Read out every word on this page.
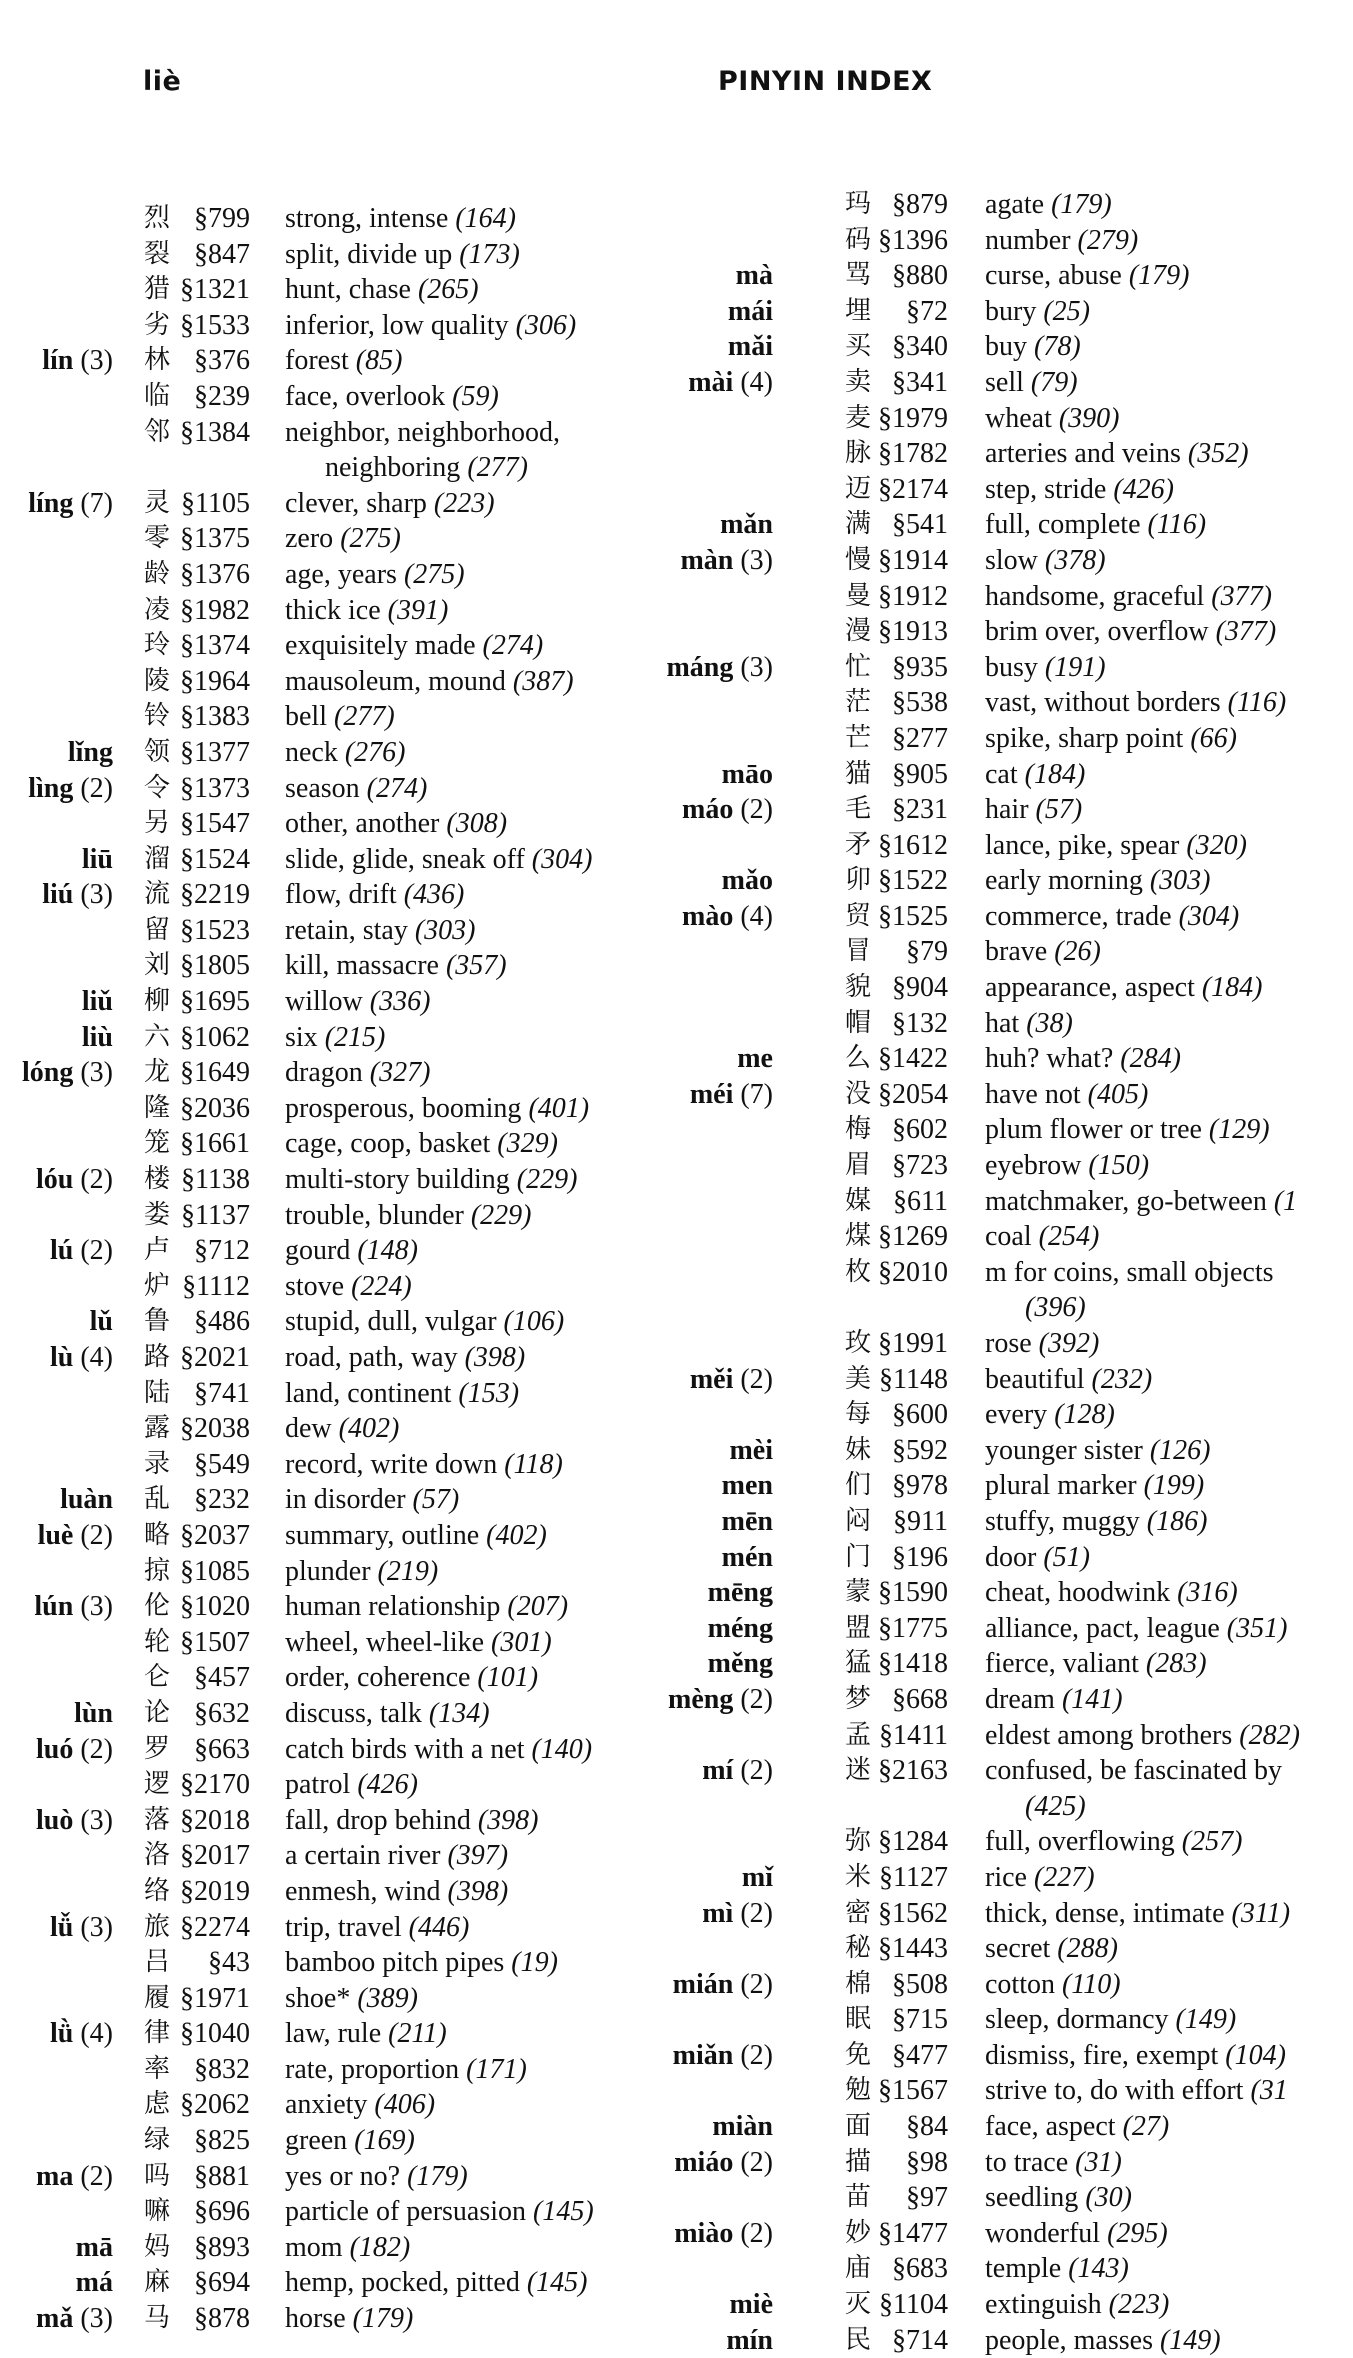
liè	PINYIN INDEX
烈 §799 strong, intense (164)
裂 §847 split, divide up (173)
猎 §1321 hunt, chase (265)
劣 §1533 inferior, low quality (306)
lín (3) 林 §376 forest (85)
临 §239 face, overlook (59)
邻 §1384 neighbor, neighborhood,
neighboring (277)
líng (7) 灵 §1105 clever, sharp (223)
零 §1375 zero (275)
龄 §1376 age, years (275)
凌 §1982 thick ice (391)
玲 §1374 exquisitely made (274)
陵 §1964 mausoleum, mound (387)
铃 §1383 bell (277)
lǐng 领 §1377 neck (276)
lìng (2) 令 §1373 season (274)
另 §1547 other, another (308)
liū 溜 §1524 slide, glide, sneak off (304)
liú (3) 流 §2219 flow, drift (436)
留 §1523 retain, stay (303)
刘 §1805 kill, massacre (357)
liǔ 柳 §1695 willow (336)
liù 六 §1062 six (215)
lóng (3) 龙 §1649 dragon (327)
隆 §2036 prosperous, booming (401)
笼 §1661 cage, coop, basket (329)
lóu (2) 楼 §1138 multi-story building (229)
娄 §1137 trouble, blunder (229)
lú (2) 卢 §712 gourd (148)
炉 §1112 stove (224)
lǔ 鲁 §486 stupid, dull, vulgar (106)
lù (4) 路 §2021 road, path, way (398)
陆 §741 land, continent (153)
露 §2038 dew (402)
录 §549 record, write down (118)
luàn 乱 §232 in disorder (57)
luè (2) 略 §2037 summary, outline (402)
掠 §1085 plunder (219)
lún (3) 伦 §1020 human relationship (207)
轮 §1507 wheel, wheel-like (301)
仑 §457 order, coherence (101)
lùn 论 §632 discuss, talk (134)
luó (2) 罗 §663 catch birds with a net (140)
逻 §2170 patrol (426)
luò (3) 落 §2018 fall, drop behind (398)
洛 §2017 a certain river (397)
络 §2019 enmesh, wind (398)
lǚ (3) 旅 §2274 trip, travel (446)
吕	§43 bamboo pitch pipes (19)
履 §1971 shoe* (389)
lǜ (4) 律 §1040 law, rule (211)
率 §832 rate, proportion (171)
虑 §2062 anxiety (406)
绿 §825 green (169)
ma (2) 吗 §881 yes or no? (179)
嘛 §696 particle of persuasion (145)
mā 妈 §893 mom (182)
má 麻 §694 hemp, pocked, pitted (145)
mǎ (3) 马 §878 horse (179)
玛 §879 agate (179)
码 §1396 number (279)
mà	骂 §880 curse, abuse (179)
mái	埋	§72 bury (25)
mǎi	买 §340 buy (78)
mài (4)	卖 §341 sell (79)
麦 §1979 wheat (390)
脉 §1782 arteries and veins (352)
迈 §2174 step, stride (426)
mǎn	满 §541 full, complete (116)
màn (3)	慢 §1914 slow (378)
曼 §1912 handsome, graceful (377)
漫 §1913 brim over, overflow (377)
máng (3)	忙 §935 busy (191)
茫 §538 vast, without borders (116)
芒 §277 spike, sharp point (66)
māo	猫 §905 cat (184)
máo (2)	毛 §231 hair (57)
矛 §1612 lance, pike, spear (320)
mǎo	卯 §1522 early morning (303)
mào (4)	贸 §1525 commerce, trade (304)
冒	§79 brave (26)
貌 §904 appearance, aspect (184)
帽 §132 hat (38)
me	么 §1422 huh? what? (284)
méi (7)	没 §2054 have not (405)
梅 §602 plum flower or tree (129)
眉 §723 eyebrow (150)
媒 §611 matchmaker, go-between (1
煤 §1269 coal (254)
枚 §2010 m for coins, small objects
(396)
玫 §1991 rose (392)
měi (2)	美 §1148 beautiful (232)
每 §600 every (128)
mèi	妹 §592 younger sister (126)
men	们 §978 plural marker (199)
mēn	闷 §911 stuffy, muggy (186)
mén	门 §196 door (51)
mēng	蒙 §1590 cheat, hoodwink (316)
méng	盟 §1775 alliance, pact, league (351)
měng	猛 §1418 fierce, valiant (283)
mèng (2)	梦 §668 dream (141)
孟 §1411 eldest among brothers (282)
mí (2)	迷 §2163 confused, be fascinated by
(425)
弥 §1284 full, overflowing (257)
mǐ	米 §1127 rice (227)
mì (2)	密 §1562 thick, dense, intimate (311)
秘 §1443 secret (288)
mián (2)	棉 §508 cotton (110)
眠 §715 sleep, dormancy (149)
miǎn (2)	免 §477 dismiss, fire, exempt (104)
勉 §1567 strive to, do with effort (31
miàn	面	§84 face, aspect (27)
miáo (2)	描	§98 to trace (31)
苗	§97 seedling (30)
miào (2)	妙 §1477 wonderful (295)
庙 §683 temple (143)
miè	灭 §1104 extinguish (223)
mín	民 §714 people, masses (149)
